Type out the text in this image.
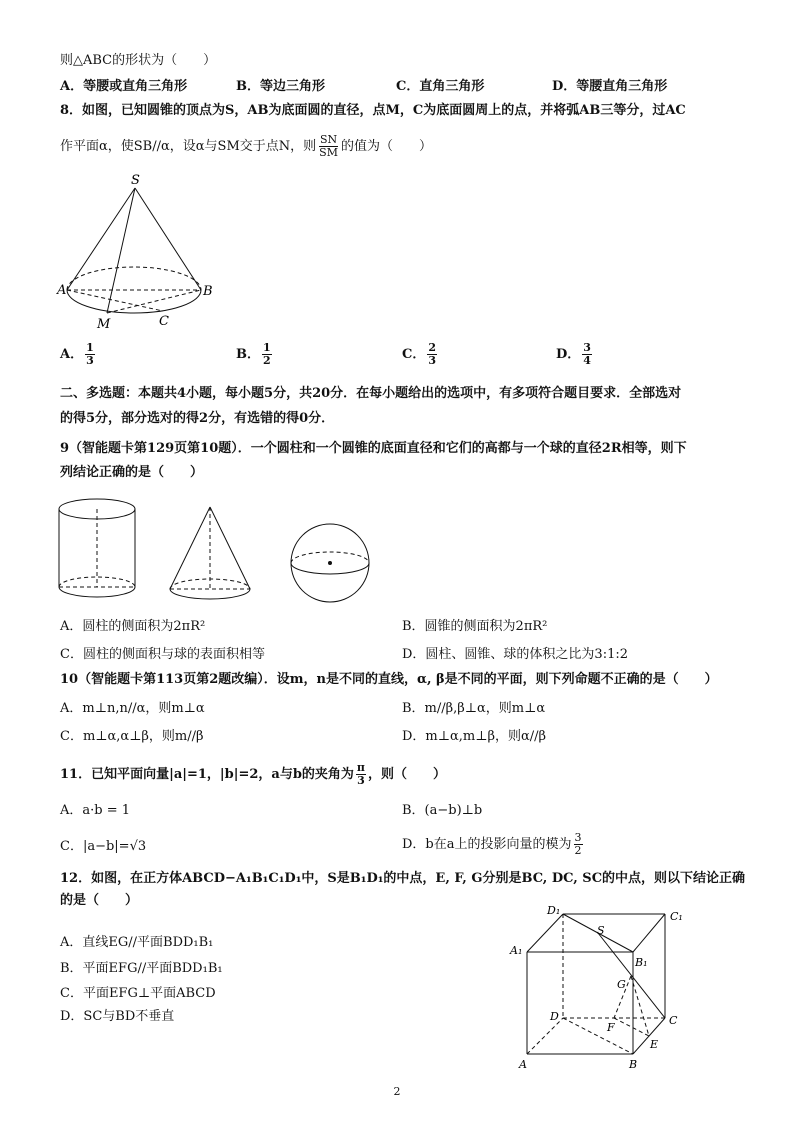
则△ABC的形状为（　　）
A．等腰或直角三角形	B．等边三角形	C．直角三角形	D．等腰直角三角形
8．如图，已知圆锥的顶点为S，AB为底面圆的直径，点M，C为底面圆周上的点，并将弧AB三等分，过AC
作平面α，使SB//α，设α与SM交于点N，则 $\frac{SN}{SM}$ 的值为（　　）
S
A	B
M	C
A． $\frac{1}{3}$	B． $\frac{1}{2}$	C． $\frac{2}{3}$	D． $\frac{3}{4}$
二、多选题：本题共4小题，每小题5分，共20分．在每小题给出的选项中，有多项符合题目要求．全部选对
的得5分，部分选对的得2分，有选错的得0分．
9（智能题卡第129页第10题）．一个圆柱和一个圆锥的底面直径和它们的高都与一个球的直径2R相等，则下
列结论正确的是（　　）
A．圆柱的侧面积为2πR²	B．圆锥的侧面积为2πR²
C．圆柱的侧面积与球的表面积相等	D．圆柱、圆锥、球的体积之比为3:1:2
10（智能题卡第113页第2题改编）．设m，n是不同的直线，α, β是不同的平面，则下列命题不正确的是（　　）
A．m⊥n,n//α，则m⊥α	B．m//β,β⊥α，则m⊥α
C．m⊥α,α⊥β，则m//β	D．m⊥α,m⊥β，则α//β
11．已知平面向量|a|=1，|b|=2，a与b的夹角为 $\frac{\pi}{3}$ ，则（　　）
A．a·b = 1	B．(a−b)⊥b
C．|a−b|=√3	D．b在a上的投影向量的模为 $\frac{3}{2}$
12．如图，在正方体ABCD−A₁B₁C₁D₁中，S是B₁D₁的中点，E, F, G分别是BC, DC, SC的中点，则以下结论正确
的是（　　）
A．直线EG//平面BDD₁B₁
B．平面EFG//平面BDD₁B₁
C．平面EFG⊥平面ABCD
D．SC与BD不垂直
D₁	C₁
A₁
B₁
S
G
D	C
F
E
A	B
2
